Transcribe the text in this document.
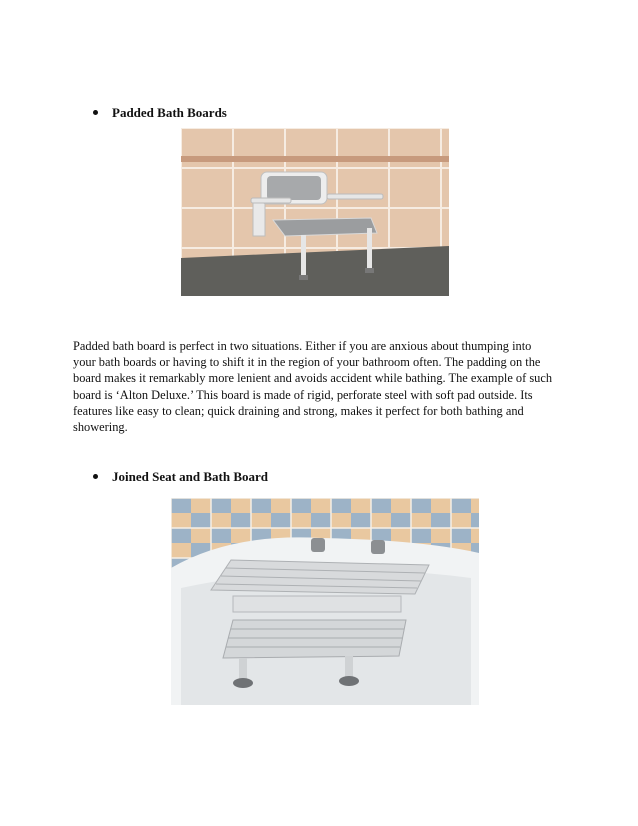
Padded Bath Boards
Padded bath board is perfect in two situations. Either if you are anxious about thumping into
your bath boards or having to shift it in the region of your bathroom often. The padding on the
board makes it remarkably more lenient and avoids accident while bathing. The example of such
board is ‘Alton Deluxe.’ This board is made of rigid, perforate steel with soft pad outside. Its
features like easy to clean; quick draining and strong, makes it perfect for both bathing and
showering.
Joined Seat and Bath Board
